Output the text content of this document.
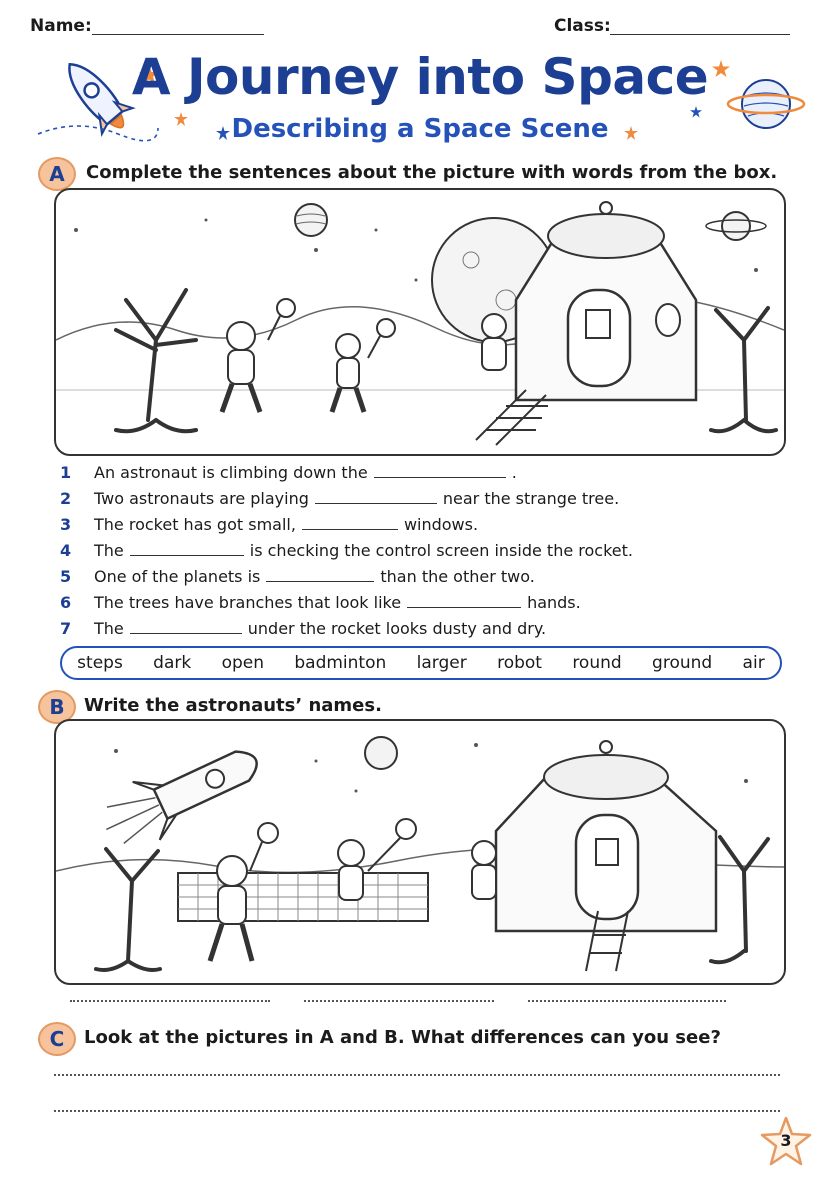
Name:	Class:
A Journey into Space
Describing a Space Scene
A	Complete the sentences about the picture with words from the box.
1	An astronaut is climbing down the	.
2	Two astronauts are playing	near the strange tree.
3	The rocket has got small,	windows.
4	The	is checking the control screen inside the rocket.
5	One of the planets is	than the other two.
6	The trees have branches that look like	hands.
7	The	under the rocket looks dusty and dry.
steps dark open badminton larger robot round ground air
B	Write the astronauts’ names.
C	Look at the pictures in A and B. What differences can you see?
3
